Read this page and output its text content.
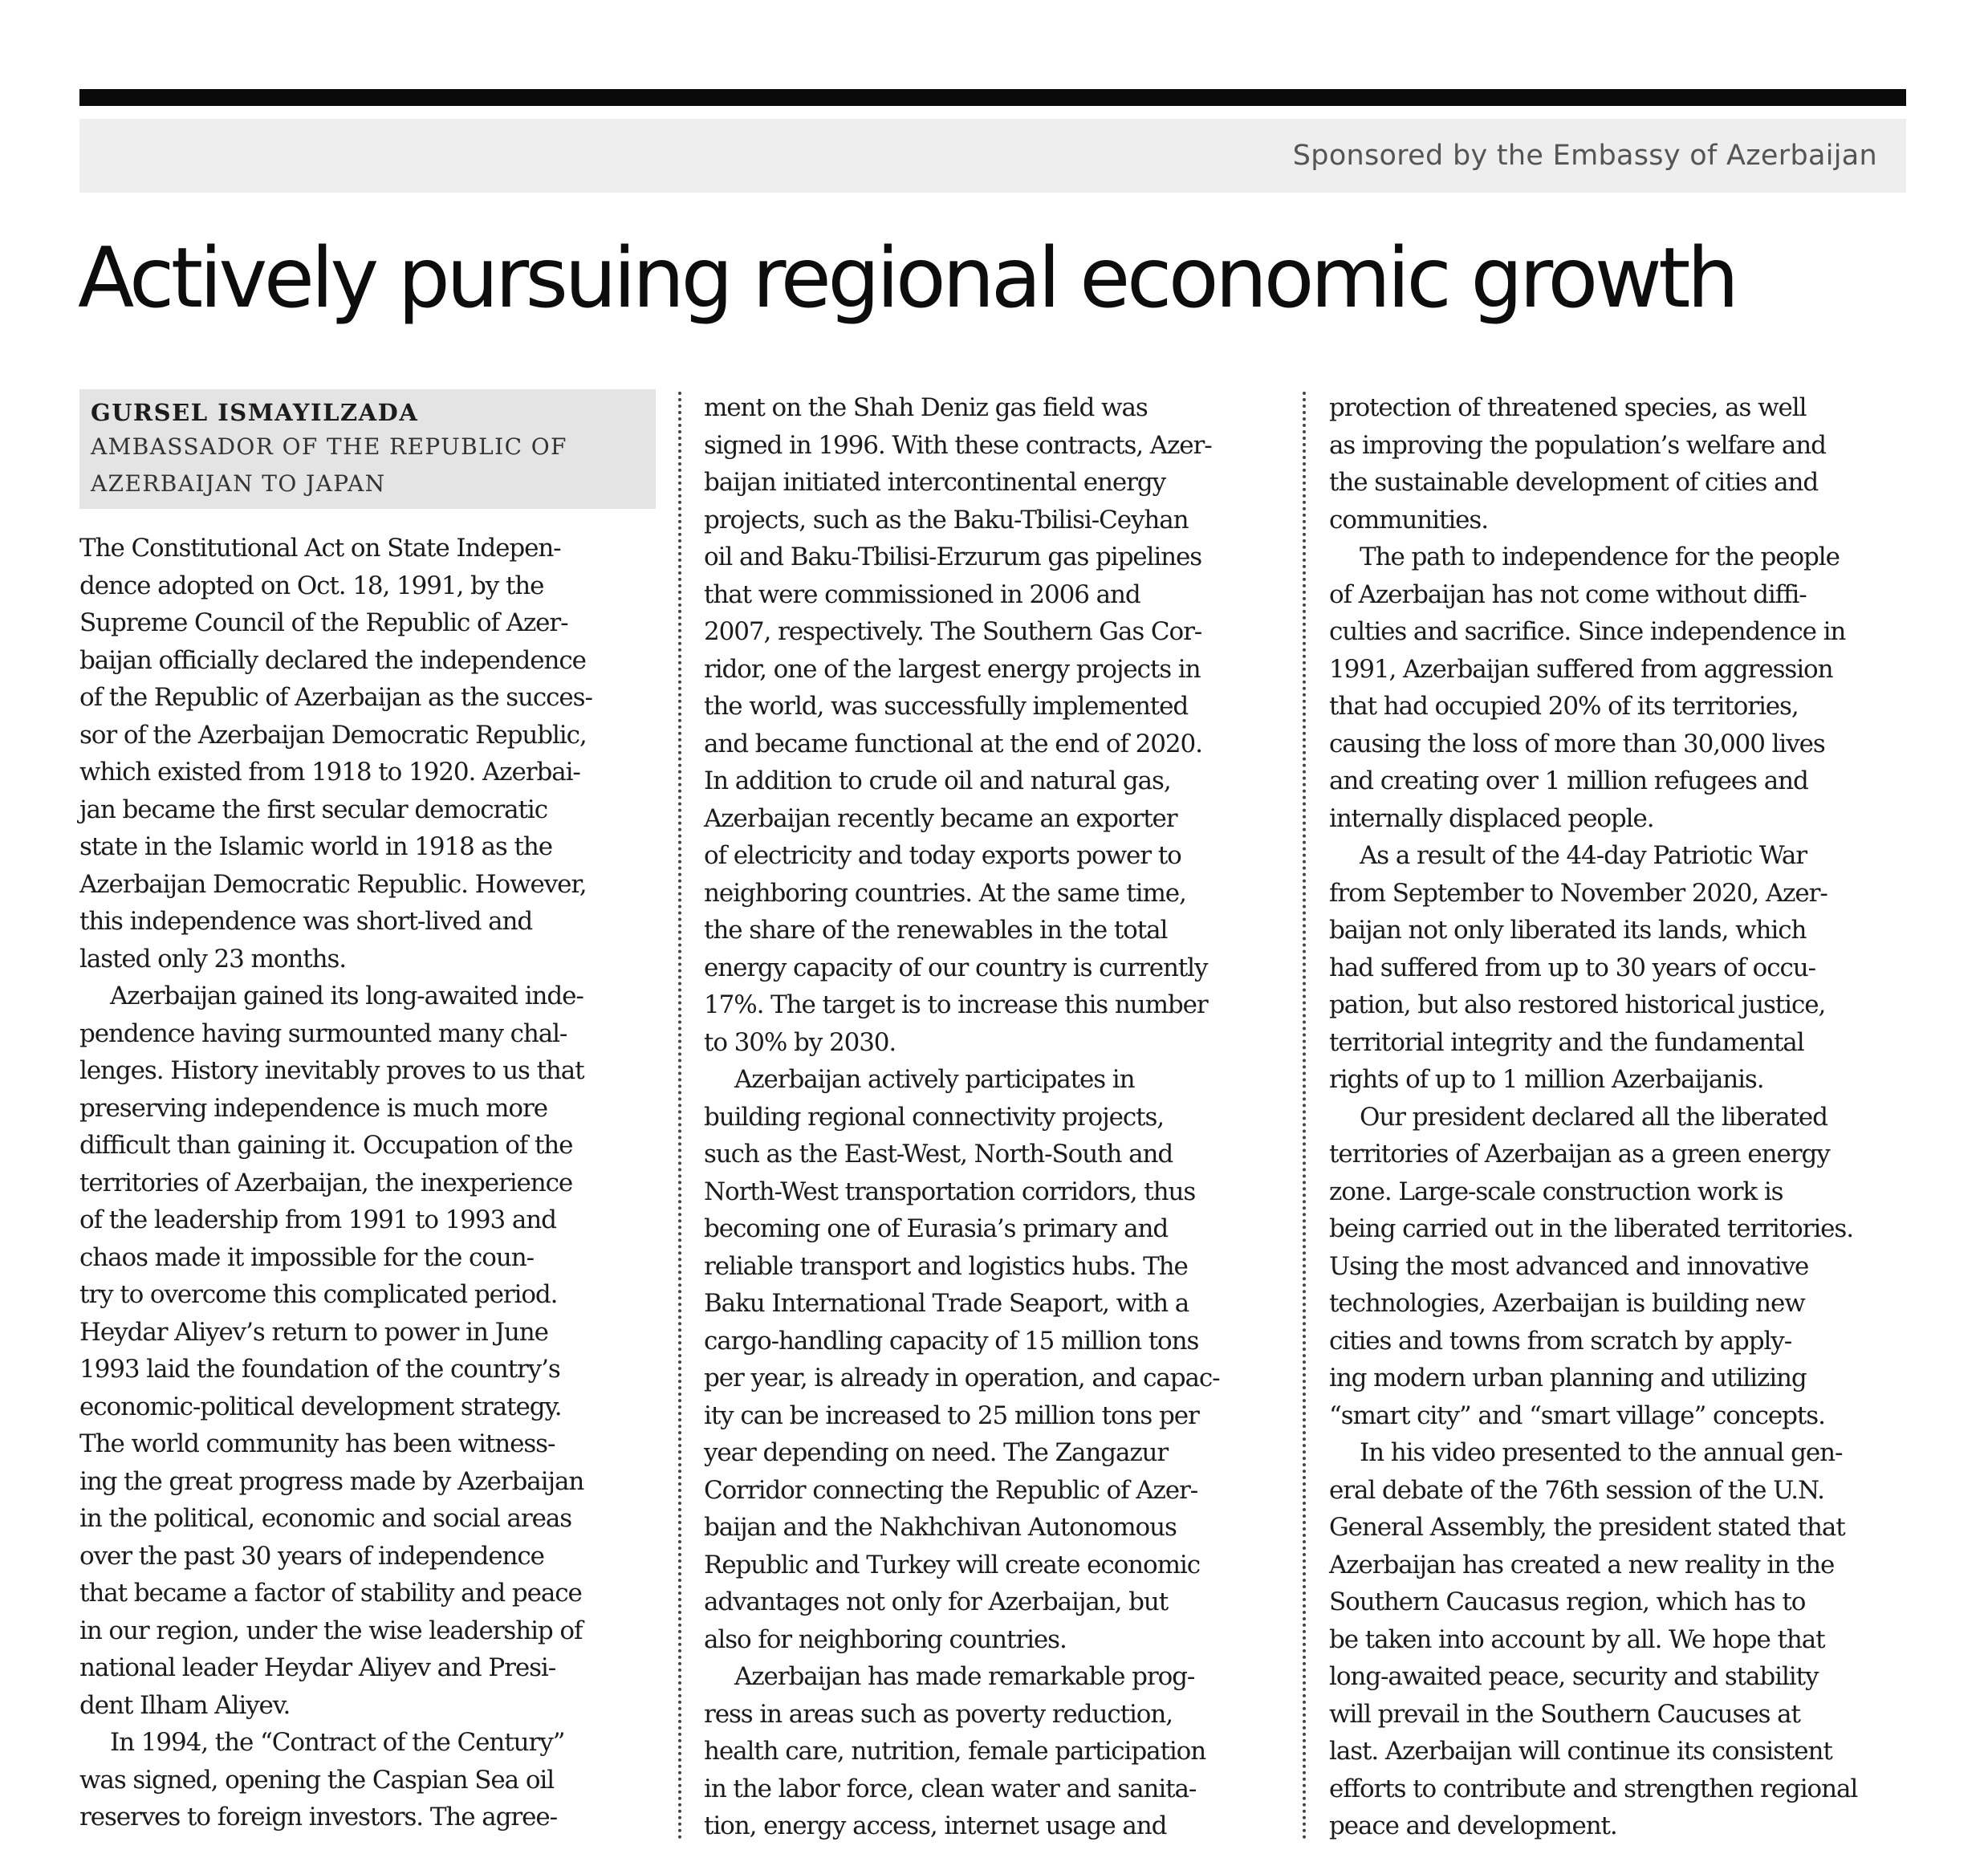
Sponsored by the Embassy of Azerbaijan
Actively pursuing regional economic growth
GURSEL ISMAYILZADA
AMBASSADOR OF THE REPUBLIC OF
AZERBAIJAN TO JAPAN

The Constitutional Act on State Indepen-
dence adopted on Oct. 18, 1991, by the
Supreme Council of the Republic of Azer-
baijan officially declared the independence
of the Republic of Azerbaijan as the succes-
sor of the Azerbaijan Democratic Republic,
which existed from 1918 to 1920. Azerbai-
jan became the first secular democratic
state in the Islamic world in 1918 as the
Azerbaijan Democratic Republic. However,
this independence was short-lived and
lasted only 23 months.

Azerbaijan gained its long-awaited inde-
pendence having surmounted many chal-
lenges. History inevitably proves to us that
preserving independence is much more
difficult than gaining it. Occupation of the
territories of Azerbaijan, the inexperience
of the leadership from 1991 to 1993 and
chaos made it impossible for the coun-
try to overcome this complicated period.
Heydar Aliyev’s return to power in June
1993 laid the foundation of the country’s
economic-political development strategy.
The world community has been witness-
ing the great progress made by Azerbaijan
in the political, economic and social areas
over the past 30 years of independence
that became a factor of stability and peace
in our region, under the wise leadership of
national leader Heydar Aliyev and Presi-
dent Ilham Aliyev.

In 1994, the “Contract of the Century”
was signed, opening the Caspian Sea oil
reserves to foreign investors. The agree-

ment on the Shah Deniz gas field was
signed in 1996. With these contracts, Azer-
baijan initiated intercontinental energy
projects, such as the Baku-Tbilisi-Ceyhan
oil and Baku-Tbilisi-Erzurum gas pipelines
that were commissioned in 2006 and
2007, respectively. The Southern Gas Cor-
ridor, one of the largest energy projects in
the world, was successfully implemented
and became functional at the end of 2020.
In addition to crude oil and natural gas,
Azerbaijan recently became an exporter
of electricity and today exports power to
neighboring countries. At the same time,
the share of the renewables in the total
energy capacity of our country is currently
17%. The target is to increase this number
to 30% by 2030.

Azerbaijan actively participates in
building regional connectivity projects,
such as the East-West, North-South and
North-West transportation corridors, thus
becoming one of Eurasia’s primary and
reliable transport and logistics hubs. The
Baku International Trade Seaport, with a
cargo-handling capacity of 15 million tons
per year, is already in operation, and capac-
ity can be increased to 25 million tons per
year depending on need. The Zangazur
Corridor connecting the Republic of Azer-
baijan and the Nakhchivan Autonomous
Republic and Turkey will create economic
advantages not only for Azerbaijan, but
also for neighboring countries.

Azerbaijan has made remarkable prog-
ress in areas such as poverty reduction,
health care, nutrition, female participation
in the labor force, clean water and sanita-
tion, energy access, internet usage and

protection of threatened species, as well
as improving the population’s welfare and
the sustainable development of cities and
communities.

The path to independence for the people
of Azerbaijan has not come without diffi-
culties and sacrifice. Since independence in
1991, Azerbaijan suffered from aggression
that had occupied 20% of its territories,
causing the loss of more than 30,000 lives
and creating over 1 million refugees and
internally displaced people.

As a result of the 44-day Patriotic War
from September to November 2020, Azer-
baijan not only liberated its lands, which
had suffered from up to 30 years of occu-
pation, but also restored historical justice,
territorial integrity and the fundamental
rights of up to 1 million Azerbaijanis.

Our president declared all the liberated
territories of Azerbaijan as a green energy
zone. Large-scale construction work is
being carried out in the liberated territories.
Using the most advanced and innovative
technologies, Azerbaijan is building new
cities and towns from scratch by apply-
ing modern urban planning and utilizing
“smart city” and “smart village” concepts.

In his video presented to the annual gen-
eral debate of the 76th session of the U.N.
General Assembly, the president stated that
Azerbaijan has created a new reality in the
Southern Caucasus region, which has to
be taken into account by all. We hope that
long-awaited peace, security and stability
will prevail in the Southern Caucuses at
last. Azerbaijan will continue its consistent
efforts to contribute and strengthen regional
peace and development.
